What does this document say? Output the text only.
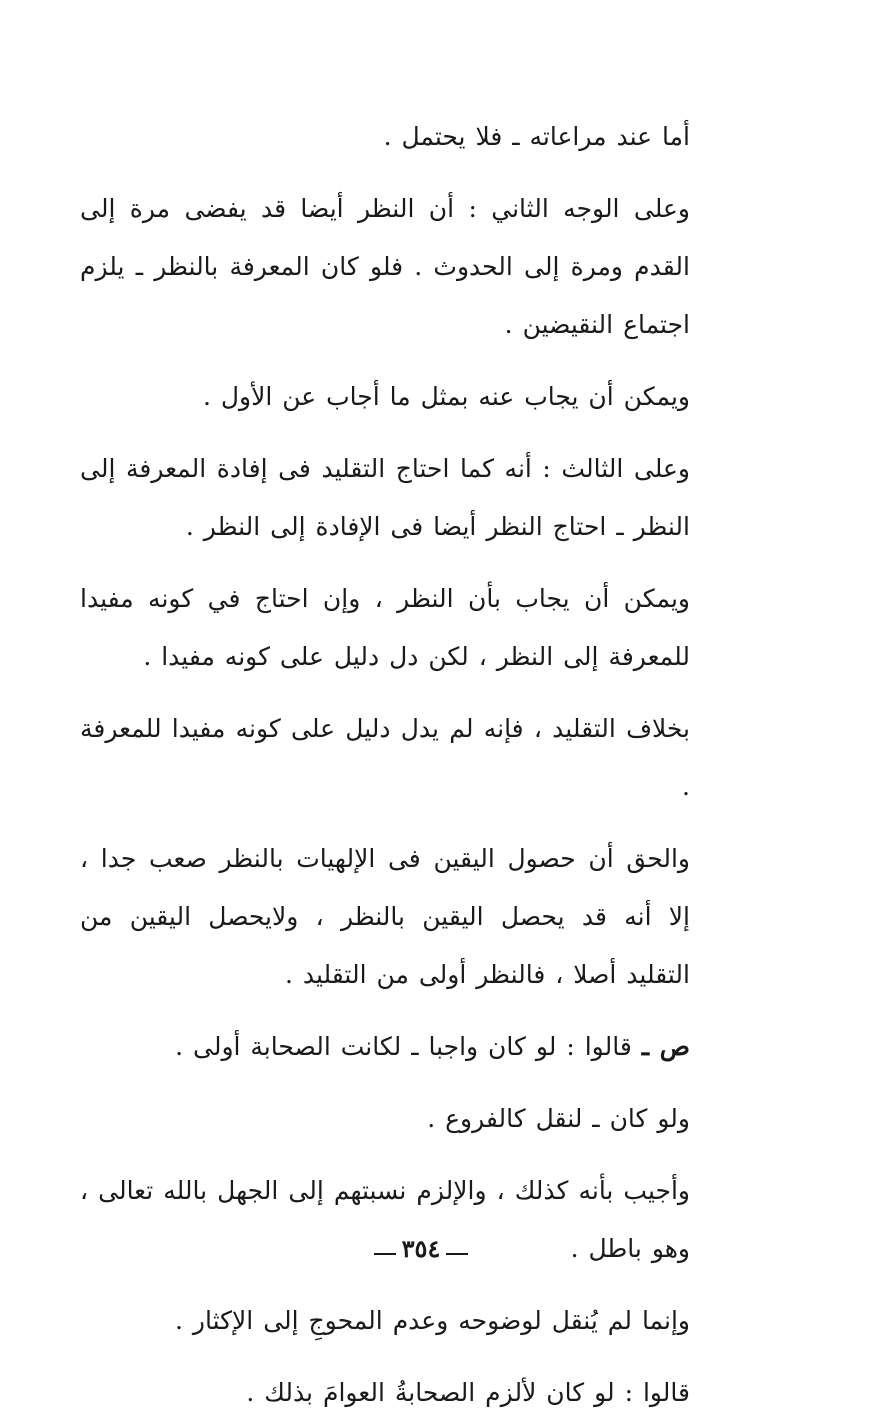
أما عند مراعاته ـ فلا يحتمل .

وعلى الوجه الثاني : أن النظر أيضا قد يفضى مرة إلى القدم ومرة إلى الحدوث . فلو كان المعرفة بالنظر ـ يلزم اجتماع النقيضين .

ويمكن أن يجاب عنه بمثل ما أجاب عن الأول .

وعلى الثالث : أنه كما احتاج التقليد فى إفادة المعرفة إلى النظر ـ احتاج النظر أيضا فى الإفادة إلى النظر .

ويمكن أن يجاب بأن النظر ، وإن احتاج في كونه مفيدا للمعرفة إلى النظر ، لكن دل دليل على كونه مفيدا .

بخلاف التقليد ، فإنه لم يدل دليل على كونه مفيدا للمعرفة .

والحق أن حصول اليقين فى الإلهيات بالنظر صعب جدا ، إلا أنه قد يحصل اليقين بالنظر ، ولايحصل اليقين من التقليد أصلا ، فالنظر أولى من التقليد .

ص ـ قالوا : لو كان واجبا ـ لكانت الصحابة أولى .

ولو كان ـ لنقل كالفروع .

وأجيب بأنه كذلك ، والإلزم نسبتهم إلى الجهل بالله تعالى ، وهو باطل .

وإنما لم يُنقل لوضوحه وعدم المحوجِ إلى الإكثار .

قالوا : لو كان لألزم الصحابةُ العوامَ بذلك .

٣٥٤
